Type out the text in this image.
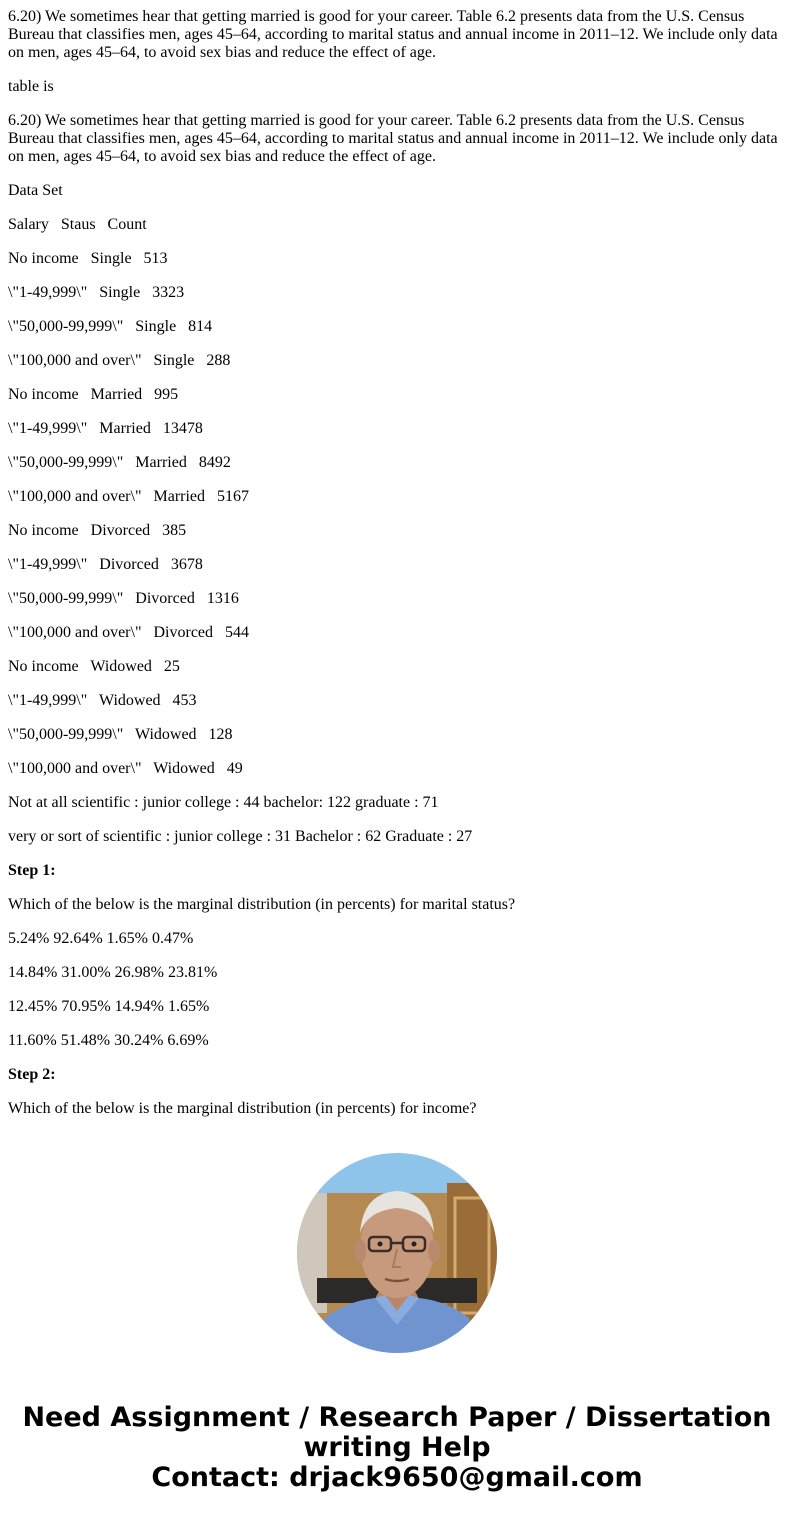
6.20) We sometimes hear that getting married is good for your career. Table 6.2 presents data from the U.S. Census Bureau that classifies men, ages 45–64, according to marital status and annual income in 2011–12. We include only data on men, ages 45–64, to avoid sex bias and reduce the effect of age.

table is

6.20) We sometimes hear that getting married is good for your career. Table 6.2 presents data from the U.S. Census Bureau that classifies men, ages 45–64, according to marital status and annual income in 2011–12. We include only data on men, ages 45–64, to avoid sex bias and reduce the effect of age.

Data Set

Salary   Staus   Count

No income   Single   513

\"1-49,999\"   Single   3323

\"50,000-99,999\"   Single   814

\"100,000 and over\"   Single   288

No income   Married   995

\"1-49,999\"   Married   13478

\"50,000-99,999\"   Married   8492

\"100,000 and over\"   Married   5167

No income   Divorced   385

\"1-49,999\"   Divorced   3678

\"50,000-99,999\"   Divorced   1316

\"100,000 and over\"   Divorced   544

No income   Widowed   25

\"1-49,999\"   Widowed   453

\"50,000-99,999\"   Widowed   128

\"100,000 and over\"   Widowed   49

Not at all scientific : junior college : 44 bachelor: 122 graduate : 71

very or sort of scientific : junior college : 31 Bachelor : 62 Graduate : 27

Step 1:

Which of the below is the marginal distribution (in percents) for marital status?

5.24% 92.64% 1.65% 0.47%

14.84% 31.00% 26.98% 23.81%

12.45% 70.95% 14.94% 1.65%

11.60% 51.48% 30.24% 6.69%

Step 2:

Which of the below is the marginal distribution (in percents) for income?

Need Assignment / Research Paper / Dissertation
writing Help
Contact: drjack9650@gmail.com
